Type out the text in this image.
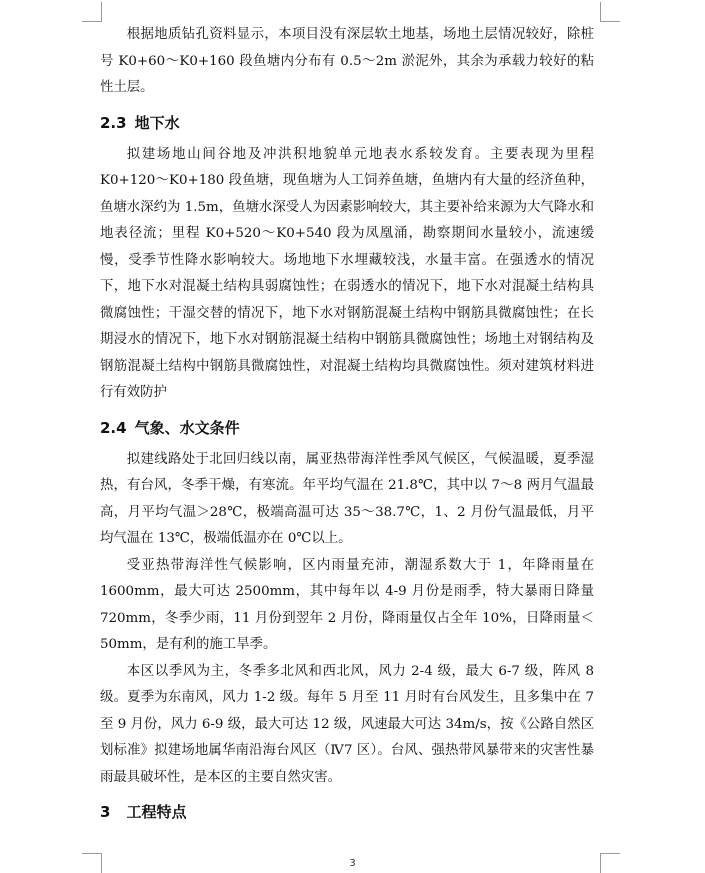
根据地质钻孔资料显示，本项目没有深层软土地基，场地土层情况较好，除桩号 K0+60～K0+160 段鱼塘内分布有 0.5～2m 淤泥外，其余为承载力较好的粘性土层。

2.3 地下水

拟建场地山间谷地及冲洪积地貌单元地表水系较发育。主要表现为里程 K0+120～K0+180 段鱼塘，现鱼塘为人工饲养鱼塘，鱼塘内有大量的经济鱼种，鱼塘水深约为 1.5m，鱼塘水深受人为因素影响较大，其主要补给来源为大气降水和地表径流；里程 K0+520～K0+540 段为凤凰涌，勘察期间水量较小，流速缓慢，受季节性降水影响较大。场地地下水埋藏较浅，水量丰富。在强透水的情况下，地下水对混凝土结构具弱腐蚀性；在弱透水的情况下，地下水对混凝土结构具微腐蚀性；干湿交替的情况下，地下水对钢筋混凝土结构中钢筋具微腐蚀性；在长期浸水的情况下，地下水对钢筋混凝土结构中钢筋具微腐蚀性；场地土对钢结构及钢筋混凝土结构中钢筋具微腐蚀性，对混凝土结构均具微腐蚀性。须对建筑材料进行有效防护

2.4 气象、水文条件

拟建线路处于北回归线以南，属亚热带海洋性季风气候区，气候温暖，夏季湿热，有台风，冬季干燥，有寒流。年平均气温在 21.8℃，其中以 7～8 两月气温最高，月平均气温＞28℃，极端高温可达 35～38.7℃，1、2 月份气温最低，月平均气温在 13℃，极端低温亦在 0℃以上。

受亚热带海洋性气候影响，区内雨量充沛，潮湿系数大于 1，年降雨量在 1600mm，最大可达 2500mm，其中每年以 4-9 月份是雨季，特大暴雨日降量 720mm，冬季少雨，11 月份到翌年 2 月份，降雨量仅占全年 10%，日降雨量＜50mm，是有利的施工旱季。

本区以季风为主，冬季多北风和西北风，风力 2-4 级，最大 6-7 级，阵风 8 级。夏季为东南风，风力 1-2 级。每年 5 月至 11 月时有台风发生，且多集中在 7 至 9 月份，风力 6-9 级，最大可达 12 级，风速最大可达 34m/s，按《公路自然区划标准》拟建场地属华南沿海台风区（Ⅳ7 区）。台风、强热带风暴带来的灾害性暴雨最具破坏性，是本区的主要自然灾害。

3 工程特点
3
